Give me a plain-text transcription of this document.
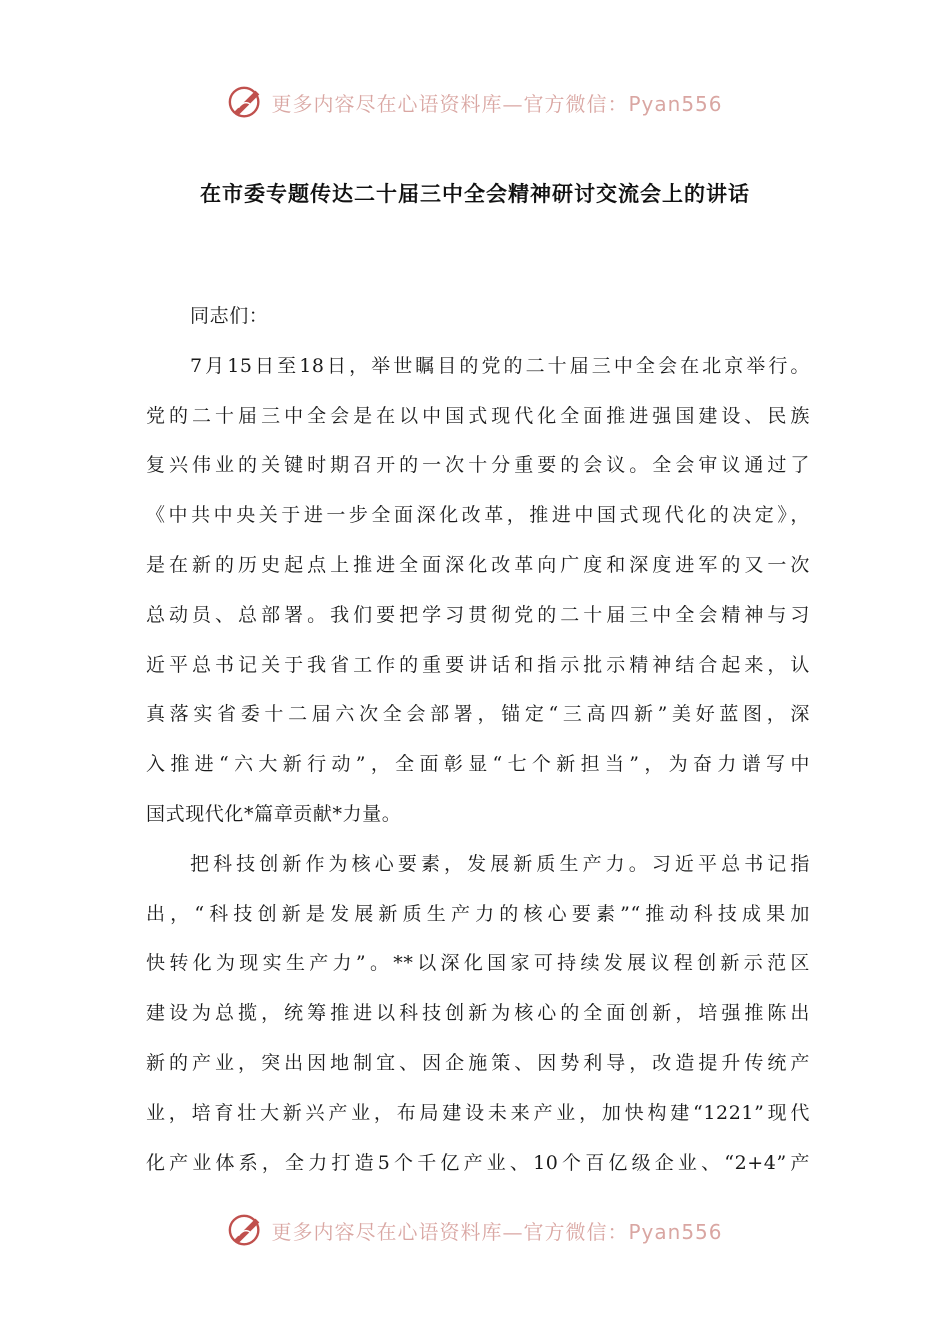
更多内容尽在心语资料库—官方微信：Pyan556
在市委专题传达二十届三中全会精神研讨交流会上的讲话
同志们：
7月15日至18日，举世瞩目的党的二十届三中全会在北京举行。
党的二十届三中全会是在以中国式现代化全面推进强国建设、民族
复兴伟业的关键时期召开的一次十分重要的会议。全会审议通过了
《中共中央关于进一步全面深化改革，推进中国式现代化的决定》，
是在新的历史起点上推进全面深化改革向广度和深度进军的又一次
总动员、总部署。我们要把学习贯彻党的二十届三中全会精神与习
近平总书记关于我省工作的重要讲话和指示批示精神结合起来，认
真落实省委十二届六次全会部署，锚定“三高四新”美好蓝图，深
入推进“六大新行动”，全面彰显“七个新担当”，为奋力谱写中
国式现代化*篇章贡献*力量。
把科技创新作为核心要素，发展新质生产力。习近平总书记指
出，“科技创新是发展新质生产力的核心要素”“推动科技成果加
快转化为现实生产力”。**以深化国家可持续发展议程创新示范区
建设为总揽，统筹推进以科技创新为核心的全面创新，培强推陈出
新的产业，突出因地制宜、因企施策、因势利导，改造提升传统产
业，培育壮大新兴产业，布局建设未来产业，加快构建“1221”现代
化产业体系，全力打造5个千亿产业、10个百亿级企业、“2+4”产
更多内容尽在心语资料库—官方微信：Pyan556
